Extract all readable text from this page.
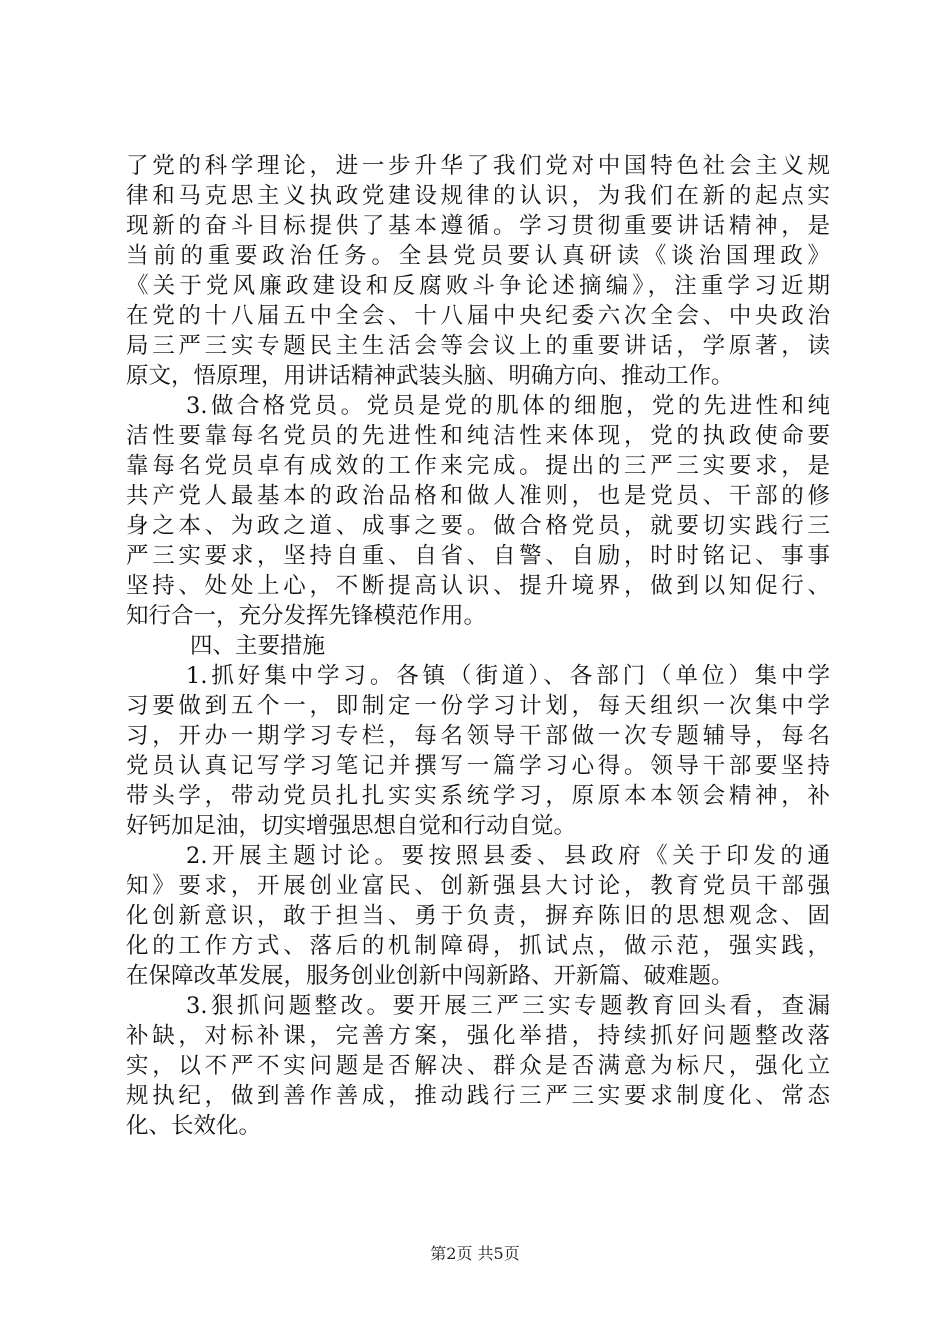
了党的科学理论，进一步升华了我们党对中国特色社会主义规
律和马克思主义执政党建设规律的认识，为我们在新的起点实
现新的奋斗目标提供了基本遵循。学习贯彻重要讲话精神，是
当前的重要政治任务。全县党员要认真研读《谈治国理政》
《关于党风廉政建设和反腐败斗争论述摘编》，注重学习近期
在党的十八届五中全会、十八届中央纪委六次全会、中央政治
局三严三实专题民主生活会等会议上的重要讲话，学原著，读
原文，悟原理，用讲话精神武装头脑、明确方向、推动工作。
3.做合格党员。党员是党的肌体的细胞，党的先进性和纯
洁性要靠每名党员的先进性和纯洁性来体现，党的执政使命要
靠每名党员卓有成效的工作来完成。提出的三严三实要求，是
共产党人最基本的政治品格和做人准则，也是党员、干部的修
身之本、为政之道、成事之要。做合格党员，就要切实践行三
严三实要求，坚持自重、自省、自警、自励，时时铭记、事事
坚持、处处上心，不断提高认识、提升境界，做到以知促行、
知行合一，充分发挥先锋模范作用。
四、主要措施
1.抓好集中学习。各镇（街道）、各部门（单位）集中学
习要做到五个一，即制定一份学习计划，每天组织一次集中学
习，开办一期学习专栏，每名领导干部做一次专题辅导，每名
党员认真记写学习笔记并撰写一篇学习心得。领导干部要坚持
带头学，带动党员扎扎实实系统学习，原原本本领会精神，补
好钙加足油，切实增强思想自觉和行动自觉。
2.开展主题讨论。要按照县委、县政府《关于印发的通
知》要求，开展创业富民、创新强县大讨论，教育党员干部强
化创新意识，敢于担当、勇于负责，摒弃陈旧的思想观念、固
化的工作方式、落后的机制障碍，抓试点，做示范，强实践，
在保障改革发展，服务创业创新中闯新路、开新篇、破难题。
3.狠抓问题整改。要开展三严三实专题教育回头看，查漏
补缺，对标补课，完善方案，强化举措，持续抓好问题整改落
实，以不严不实问题是否解决、群众是否满意为标尺，强化立
规执纪，做到善作善成，推动践行三严三实要求制度化、常态
化、长效化。
第2页 共5页
